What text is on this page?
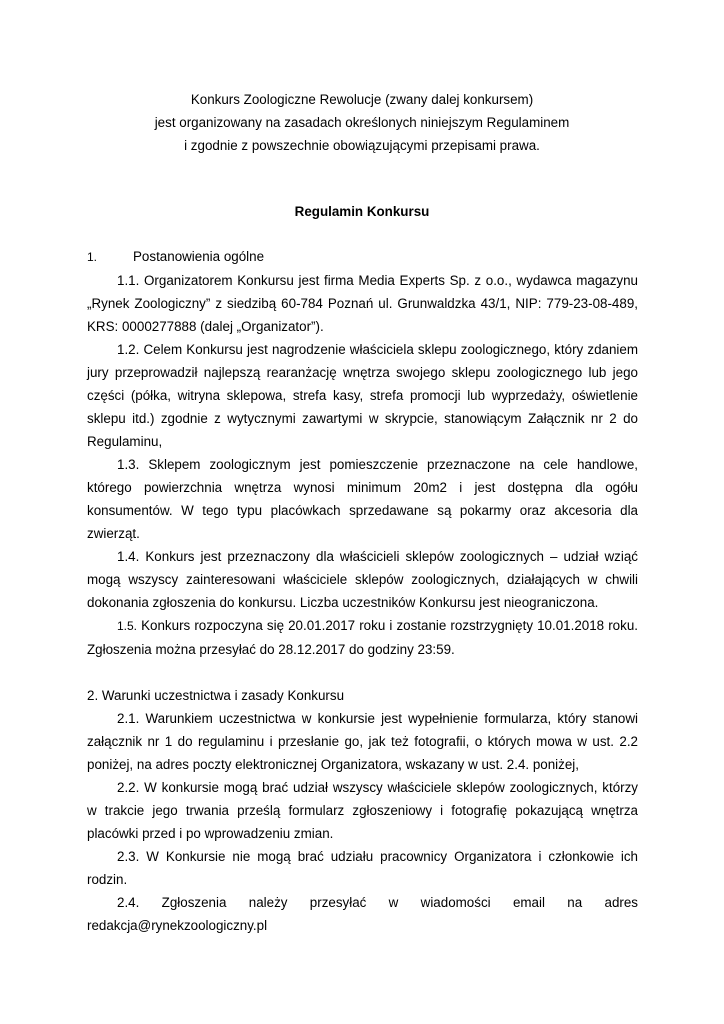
Konkurs Zoologiczne Rewolucje (zwany dalej konkursem)
jest organizowany na zasadach określonych niniejszym Regulaminem
i zgodnie z powszechnie obowiązującymi przepisami prawa.
Regulamin Konkursu
1.	Postanowienia ogólne

1.1. Organizatorem Konkursu jest firma Media Experts Sp. z o.o., wydawca magazynu „Rynek Zoologiczny” z siedzibą 60-784 Poznań ul. Grunwaldzka 43/1, NIP: 779-23-08-489, KRS: 0000277888 (dalej „Organizator”).

1.2. Celem Konkursu jest nagrodzenie właściciela sklepu zoologicznego, który zdaniem jury przeprowadził najlepszą rearanżację wnętrza swojego sklepu zoologicznego lub jego części (półka, witryna sklepowa, strefa kasy, strefa promocji lub wyprzedaży, oświetlenie sklepu itd.) zgodnie z wytycznymi zawartymi w skrypcie, stanowiącym Załącznik nr 2 do Regulaminu,

1.3. Sklepem zoologicznym jest pomieszczenie przeznaczone na cele handlowe, którego powierzchnia wnętrza wynosi minimum 20m2 i jest dostępna dla ogółu konsumentów. W tego typu placówkach sprzedawane są pokarmy oraz akcesoria dla zwierząt.

1.4. Konkurs jest przeznaczony dla właścicieli sklepów zoologicznych – udział wziąć mogą wszyscy zainteresowani właściciele sklepów zoologicznych, działających w chwili dokonania zgłoszenia do konkursu. Liczba uczestników Konkursu jest nieograniczona.

1.5. Konkurs rozpoczyna się 20.01.2017 roku i zostanie rozstrzygnięty 10.01.2018 roku. Zgłoszenia można przesyłać do 28.12.2017 do godziny 23:59.

2. Warunki uczestnictwa i zasady Konkursu

2.1. Warunkiem uczestnictwa w konkursie jest wypełnienie formularza, który stanowi załącznik nr 1 do regulaminu i przesłanie go, jak też fotografii, o których mowa w ust. 2.2 poniżej, na adres poczty elektronicznej Organizatora, wskazany w ust. 2.4. poniżej,

2.2. W konkursie mogą brać udział wszyscy właściciele sklepów zoologicznych, którzy w trakcie jego trwania prześlą formularz zgłoszeniowy i fotografię pokazującą wnętrza placówki przed i po wprowadzeniu zmian.

2.3. W Konkursie nie mogą brać udziału pracownicy Organizatora i członkowie ich rodzin.

2.4. Zgłoszenia należy przesyłać w wiadomości email na adres

redakcja@rynekzoologiczny.pl
